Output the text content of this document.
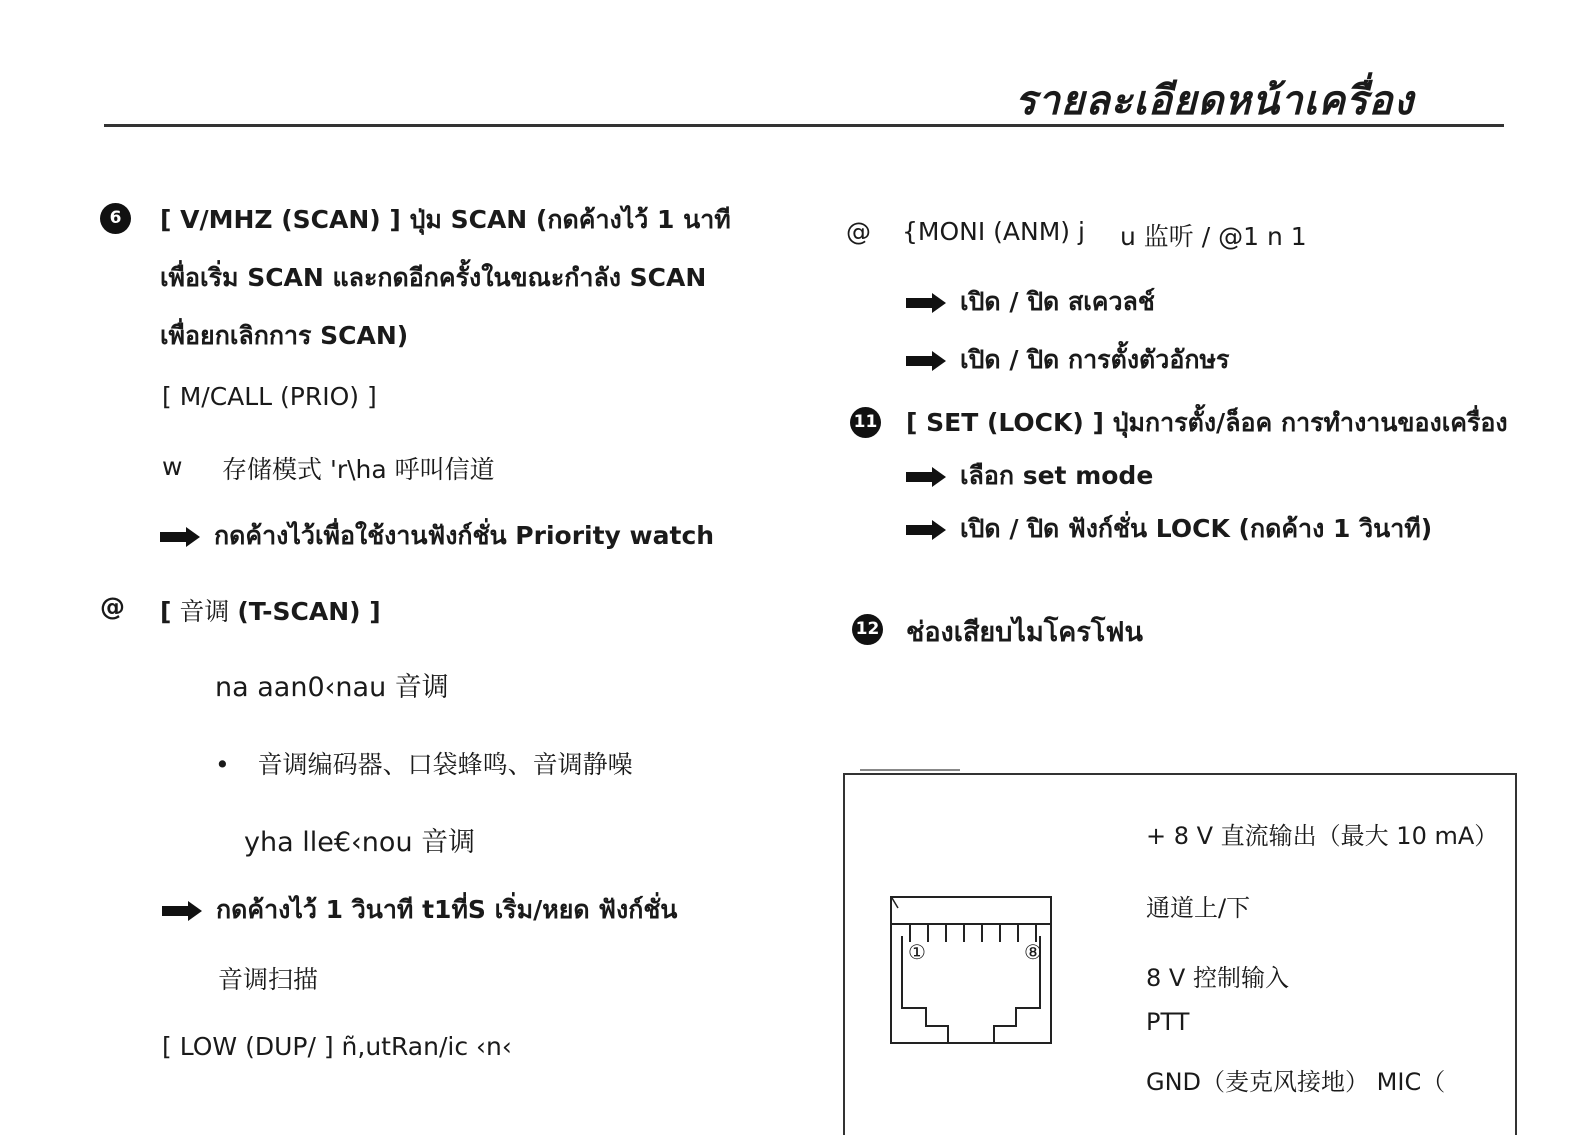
รายละเอียดหน้าเครื่อง
6	[ V/MHZ (SCAN) ] ปุ่ม SCAN (กดค้างไว้ 1 นาที
เพื่อเริ่ม SCAN และกดอีกครั้งในขณะกำลัง SCAN
เพื่อยกเลิกการ SCAN)
[ M/CALL (PRIO) ]
w 存储模式 'r\ha 呼叫信道
กดค้างไว้เพื่อใช้งานฟังก์ชั่น Priority watch
@ [ 音调 (T-SCAN) ]
na aan0‹nau 音调
• 音调编码器、口袋蜂鸣、音调静噪
yha lle€‹nou 音调
กดค้างไว้ 1 วินาที t1ที่S เริ่ม/หยด ฟังก์ชั่น
音调扫描
[ LOW (DUP/ ] ñ,utRan/ic ‹n‹
@ {MONI (ANM) j u 监听 / @1 n 1
เปิด / ปิด สเควลช์
เปิด / ปิด การตั้งตัวอักษร
11 [ SET (LOCK) ] ปุ่มการตั้ง/ล็อค การทำงานของเครื่อง
เลือก set mode
เปิด / ปิด ฟังก์ชั่น LOCK (กดค้าง 1 วินาที)
12 ช่องเสียบไมโครโฟน
①	⑧
+ 8 V 直流输出（最大 10 mA）
通道上/下
8 V 控制输入
PTT
GND（麦克风接地） MIC（
